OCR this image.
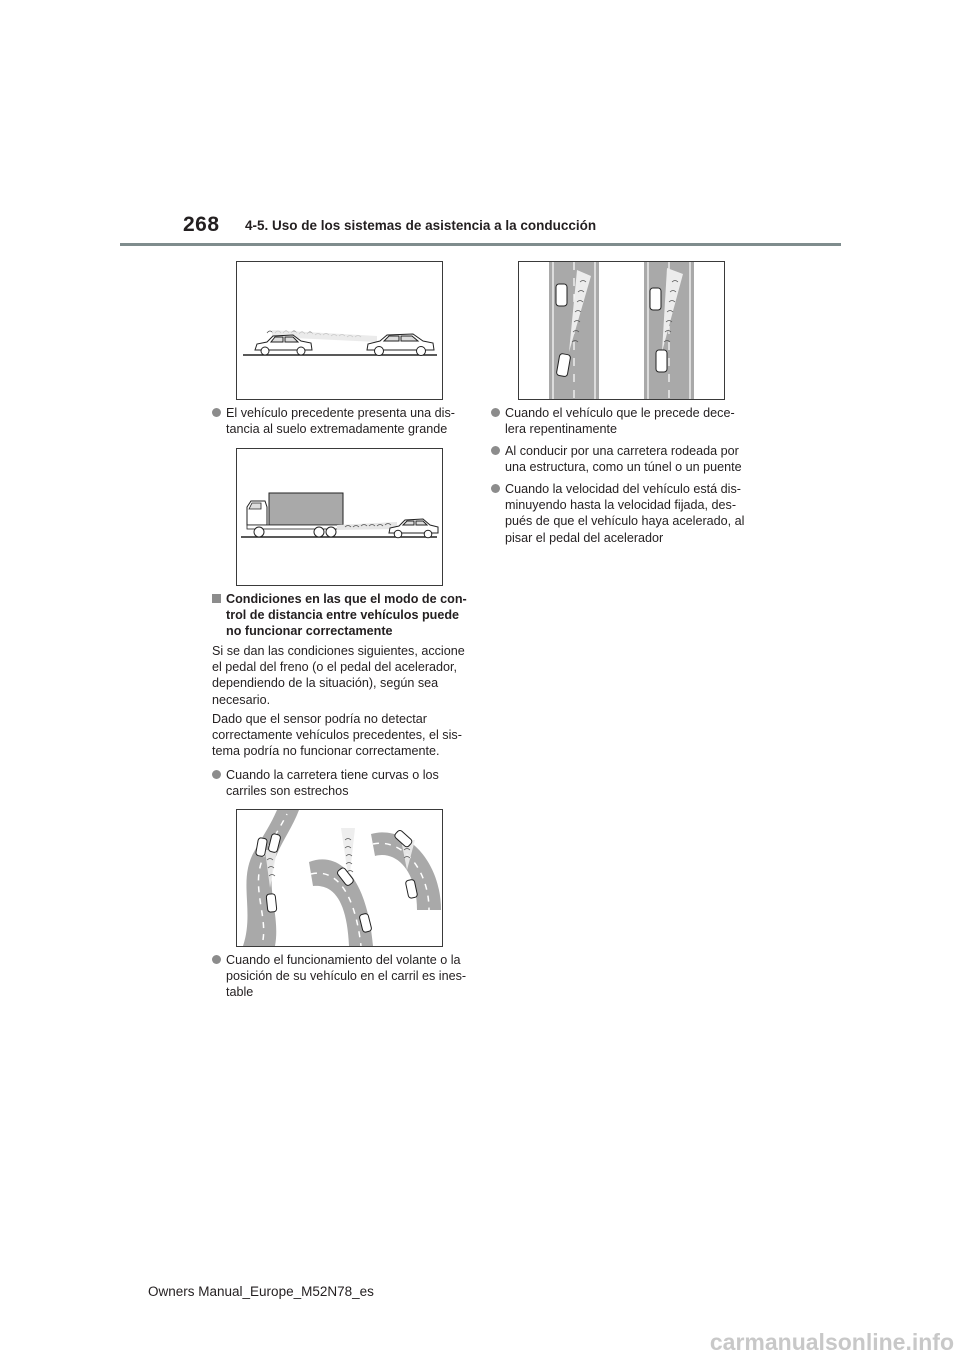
268 4-5. Uso de los sistemas de asistencia a la conducción
El vehículo precedente presenta una dis-
tancia al suelo extremadamente grande
Condiciones en las que el modo de con-
trol de distancia entre vehículos puede
no funcionar correctamente
Si se dan las condiciones siguientes, accione
el pedal del freno (o el pedal del acelerador,
dependiendo de la situación), según sea
necesario.
Dado que el sensor podría no detectar
correctamente vehículos precedentes, el sis-
tema podría no funcionar correctamente.
Cuando la carretera tiene curvas o los
carriles son estrechos
Cuando el funcionamiento del volante o la
posición de su vehículo en el carril es ines-
table
Cuando el vehículo que le precede dece-
lera repentinamente
Al conducir por una carretera rodeada por
una estructura, como un túnel o un puente
Cuando la velocidad del vehículo está dis-
minuyendo hasta la velocidad fijada, des-
pués de que el vehículo haya acelerado, al
pisar el pedal del acelerador
Owners Manual_Europe_M52N78_es
carmanualsonline.info
